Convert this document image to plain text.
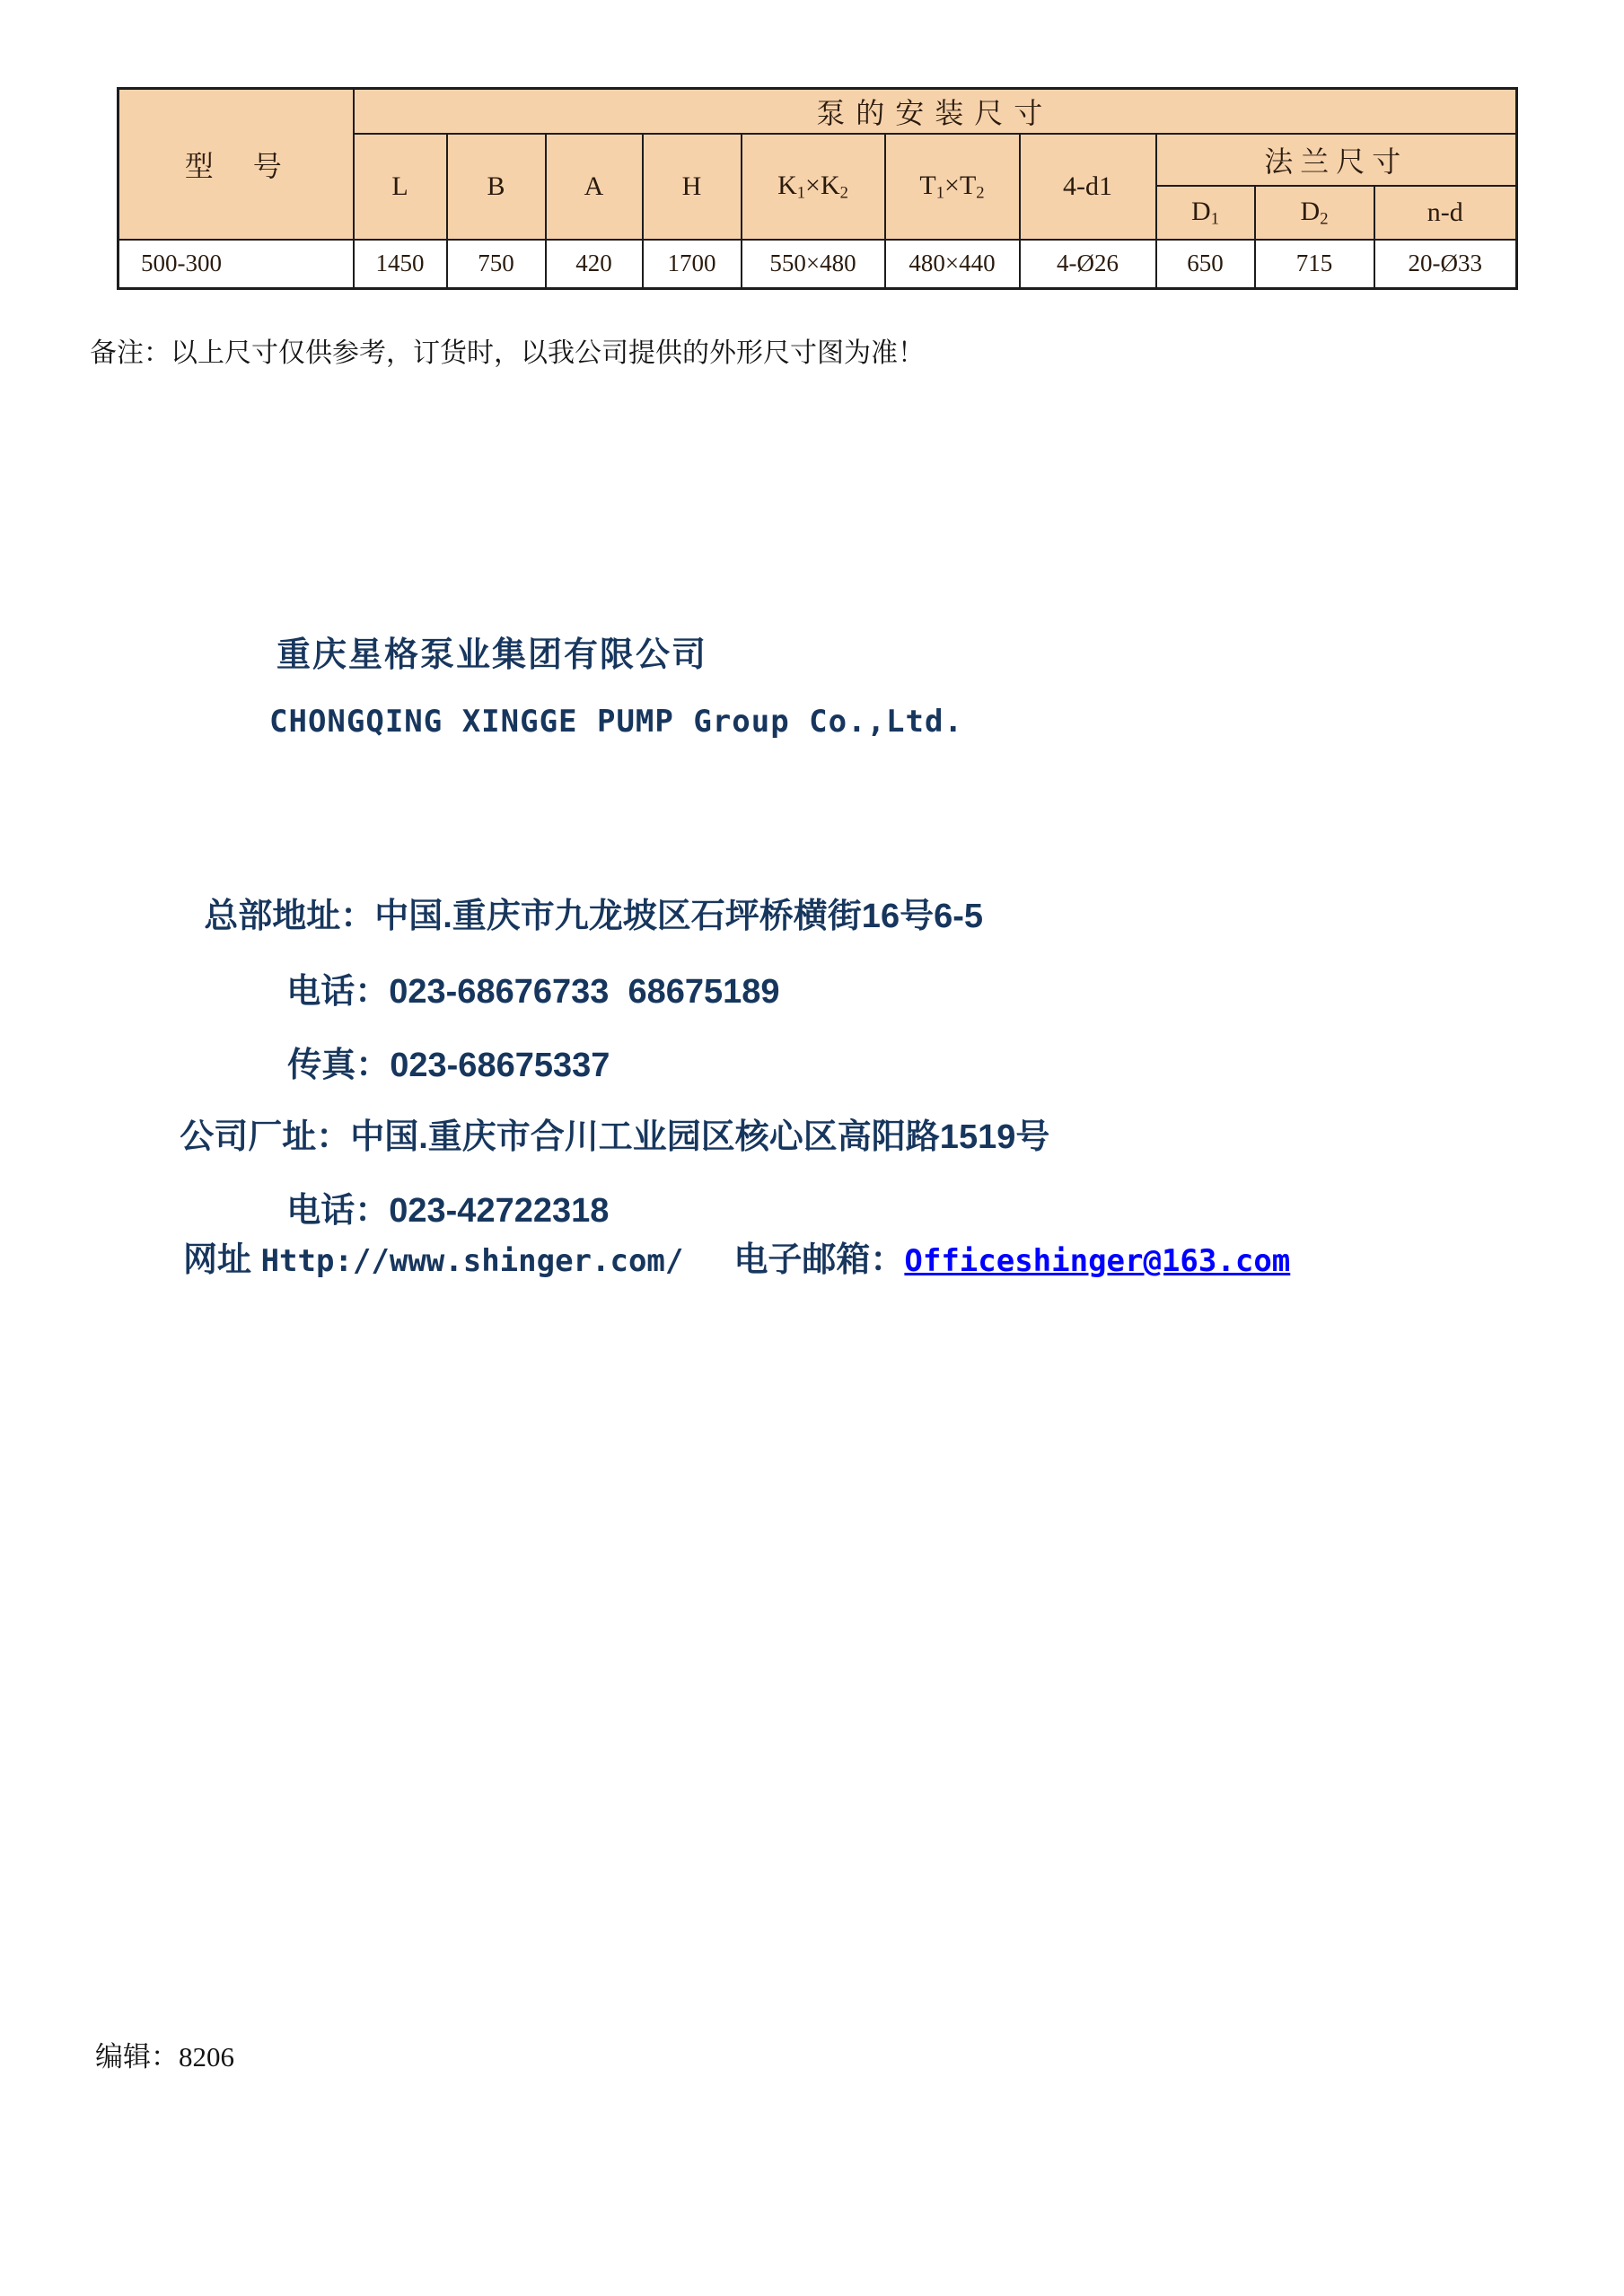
型　号	泵的安装尺寸									
	L	B	A	H	$K_1\times K_2$	$T_1\times T_2$	4-d1	法兰尺寸		
								$D_1$	$D_2$	n-d
500-300	1450	750	420	1700	550×480	480×440	4-Ø26	650	715	20-Ø33
备注：以上尺寸仅供参考，订货时，以我公司提供的外形尺寸图为准！
重庆星格泵业集团有限公司
CHONGQING XINGGE PUMP Group Co.,Ltd.

总部地址：中国.重庆市九龙坡区石坪桥横街16号6-5

电话：023-68676733  68675189

传真：023-68675337

公司厂址：中国.重庆市合川工业园区核心区高阳路1519号

电话：023-42722318

网址 Http://www.shinger.com/ 电子邮箱：Officeshinger@163.com

编辑：8206
